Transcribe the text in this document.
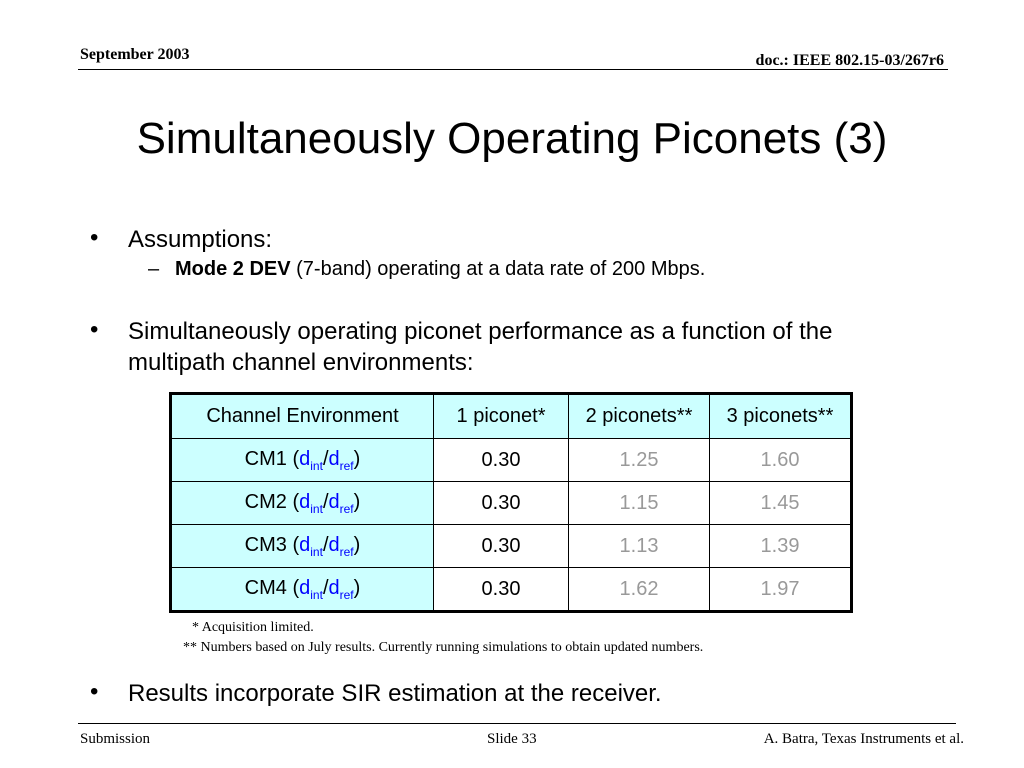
September 2003	doc.: IEEE 802.15-03/267r6
Simultaneously Operating Piconets (3)
• Assumptions:
– Mode 2 DEV (7-band) operating at a data rate of 200 Mbps.
• Simultaneously operating piconet performance as a function of the multipath channel environments:
Channel Environment	1 piconet*	2 piconets**	3 piconets**
CM1 $(d_{int}/d_{ref})$	0.30	1.25	1.60
CM2 $(d_{int}/d_{ref})$	0.30	1.15	1.45
CM3 $(d_{int}/d_{ref})$	0.30	1.13	1.39
CM4 $(d_{int}/d_{ref})$	0.30	1.62	1.97
* Acquisition limited.
** Numbers based on July results. Currently running simulations to obtain updated numbers.
• Results incorporate SIR estimation at the receiver.
Submission	Slide 33	A. Batra, Texas Instruments et al.
